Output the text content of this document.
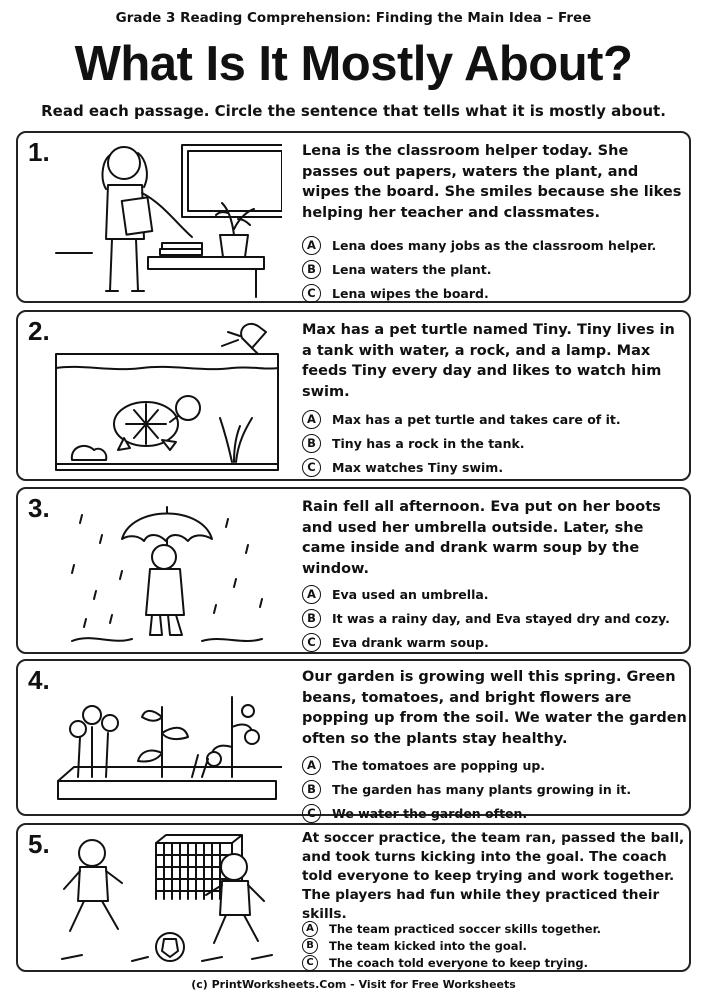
Grade 3 Reading Comprehension: Finding the Main Idea – Free
What Is It Mostly About?
Read each passage. Circle the sentence that tells what it is mostly about.
1.	Lena is the classroom helper today. She passes out papers, waters the plant, and wipes the board. She smiles because she likes helping her teacher and classmates.
A	Lena does many jobs as the classroom helper.
B	Lena waters the plant.
C	Lena wipes the board.
2.	Max has a pet turtle named Tiny. Tiny lives in a tank with water, a rock, and a lamp. Max feeds Tiny every day and likes to watch him swim.
A	Max has a pet turtle and takes care of it.
B	Tiny has a rock in the tank.
C	Max watches Tiny swim.
3.	Rain fell all afternoon. Eva put on her boots and used her umbrella outside. Later, she came inside and drank warm soup by the window.
A	Eva used an umbrella.
B	It was a rainy day, and Eva stayed dry and cozy.
C	Eva drank warm soup.
4.	Our garden is growing well this spring. Green beans, tomatoes, and bright flowers are popping up from the soil. We water the garden often so the plants stay healthy.
A	The tomatoes are popping up.
B	The garden has many plants growing in it.
C	We water the garden often.
5.	At soccer practice, the team ran, passed the ball, and took turns kicking into the goal. The coach told everyone to keep trying and work together. The players had fun while they practiced their skills.
A	The team practiced soccer skills together.
B	The team kicked into the goal.
C	The coach told everyone to keep trying.
(c) PrintWorksheets.Com - Visit for Free Worksheets
